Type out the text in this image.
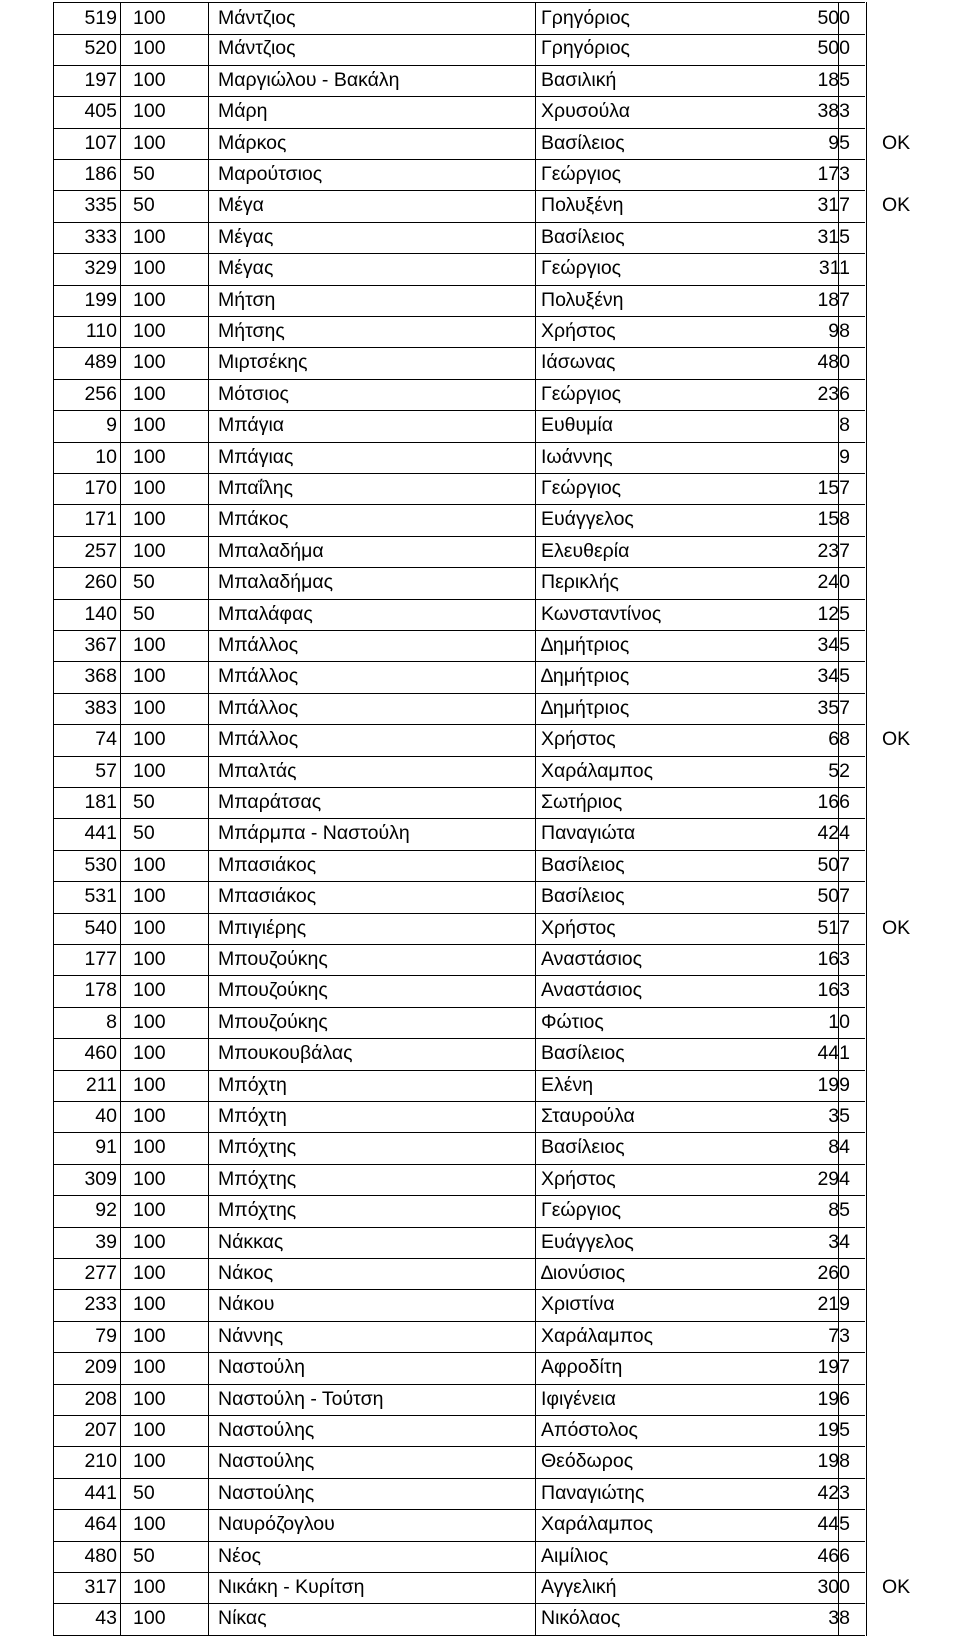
519 100	Μάντζιος	Γρηγόριος	500
520 100	Μάντζιος	Γρηγόριος	500
197 100	Μαργιώλου - Βακάλη	Βασιλική	185
405 100	Μάρη	Χρυσούλα	383
107 100	Μάρκος	Βασίλειος	95 OK
186 50	Μαρούτσιος	Γεώργιος	173
335 50	Μέγα	Πολυξένη	317 OK
333 100	Μέγας	Βασίλειος	315
329 100	Μέγας	Γεώργιος	311
199 100	Μήτση	Πολυξένη	187
110 100	Μήτσης	Χρήστος	98
489 100	Μιρτσέκης	Ιάσωνας	480
256 100	Μότσιος	Γεώργιος	236
9 100	Μπάγια	Ευθυμία	8
10 100	Μπάγιας	Ιωάννης	9
170 100	Μπαΐλης	Γεώργιος	157
171 100	Μπάκος	Ευάγγελος	158
257 100	Μπαλαδήμα	Ελευθερία	237
260 50	Μπαλαδήμας	Περικλής	240
140 50	Μπαλάφας	Κωνσταντίνος	125
367 100	Μπάλλος	∆ημήτριος	345
368 100	Μπάλλος	∆ημήτριος	345
383 100	Μπάλλος	∆ημήτριος	357
74 100	Μπάλλος	Χρήστος	68 OK
57 100	Μπαλτάς	Χαράλαμπος	52
181 50	Μπαράτσας	Σωτήριος	166
441 50	Μπάρμπα - Ναστούλη	Παναγιώτα	424
530 100	Μπασιάκος	Βασίλειος	507
531 100	Μπασιάκος	Βασίλειος	507
540 100	Μπιγιέρης	Χρήστος	517 OK
177 100	Μπουζούκης	Αναστάσιος	163
178 100	Μπουζούκης	Αναστάσιος	163
8 100	Μπουζούκης	Φώτιος	10
460 100	Μπουκουβάλας	Βασίλειος	441
211 100	Μπόχτη	Ελένη	199
40 100	Μπόχτη	Σταυρούλα	35
91 100	Μπόχτης	Βασίλειος	84
309 100	Μπόχτης	Χρήστος	294
92 100	Μπόχτης	Γεώργιος	85
39 100	Νάκκας	Ευάγγελος	34
277 100	Νάκος	∆ιονύσιος	260
233 100	Νάκου	Χριστίνα	219
79 100	Νάννης	Χαράλαμπος	73
209 100	Ναστούλη	Αφροδίτη	197
208 100	Ναστούλη - Τούτση	Ιφιγένεια	196
207 100	Ναστούλης	Απόστολος	195
210 100	Ναστούλης	Θεόδωρος	198
441 50	Ναστούλης	Παναγιώτης	423
464 100	Ναυρόζογλου	Χαράλαμπος	445
480 50	Νέος	Αιμίλιος	466
317 100	Νικάκη - Κυρίτση	Αγγελική	300 OK
43 100	Νίκας	Νικόλαος	38
